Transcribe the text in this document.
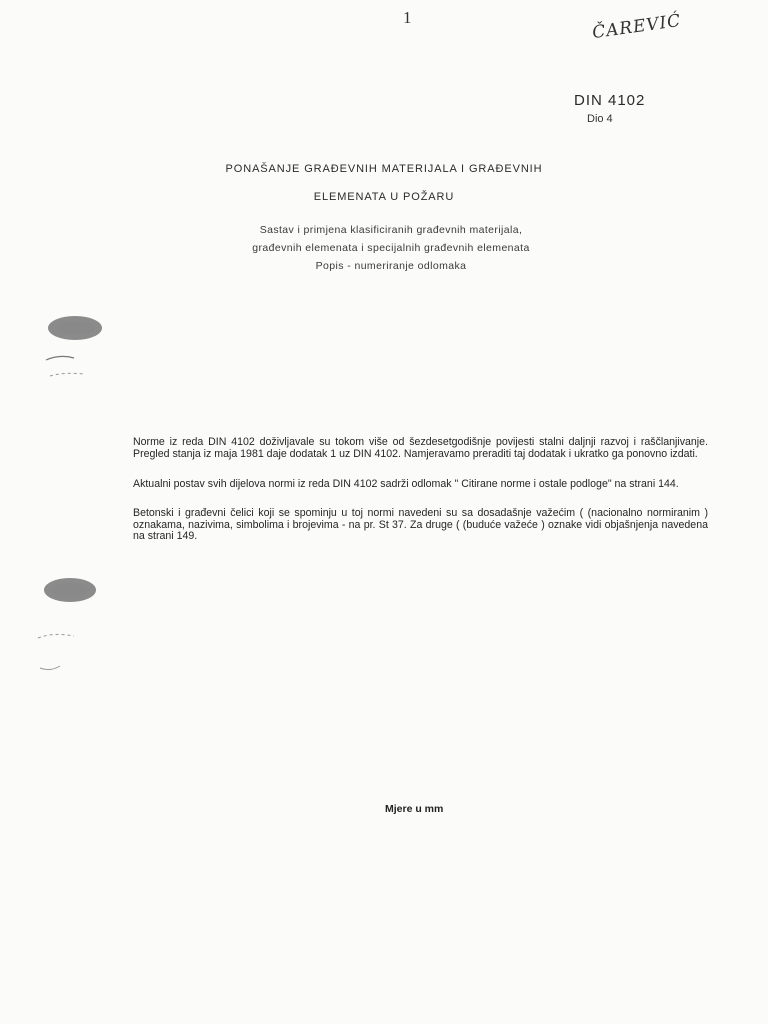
1	ČAREVIĆ
DIN 4102
Dio 4
PONAŠANJE GRAĐEVNIH MATERIJALA I GRAĐEVNIH
ELEMENATA U POŽARU
Sastav i primjena klasificiranih građevnih materijala,
građevnih elemenata i specijalnih građevnih elemenata
Popis - numeriranje odlomaka
Norme iz reda DIN 4102 doživljavale su tokom više od šezdesetgodišnje povijesti stalni daljnji razvoj i raščlanjivanje. Pregled stanja iz maja 1981 daje dodatak 1 uz DIN 4102. Namjeravamo preraditi taj dodatak i ukratko ga ponovno izdati.
Aktualni postav svih dijelova normi iz reda DIN 4102 sadrži odlomak " Citirane norme i ostale podloge" na strani 144.
Betonski i građevni čelici koji se spominju u toj normi navedeni su sa dosadašnje važećim ( (nacionalno normiranim ) oznakama, nazivima, simbolima i brojevima - na pr. St 37. Za druge ( (buduće važeće ) oznake vidi objašnjenja navedena na strani 149.
Mjere u mm
